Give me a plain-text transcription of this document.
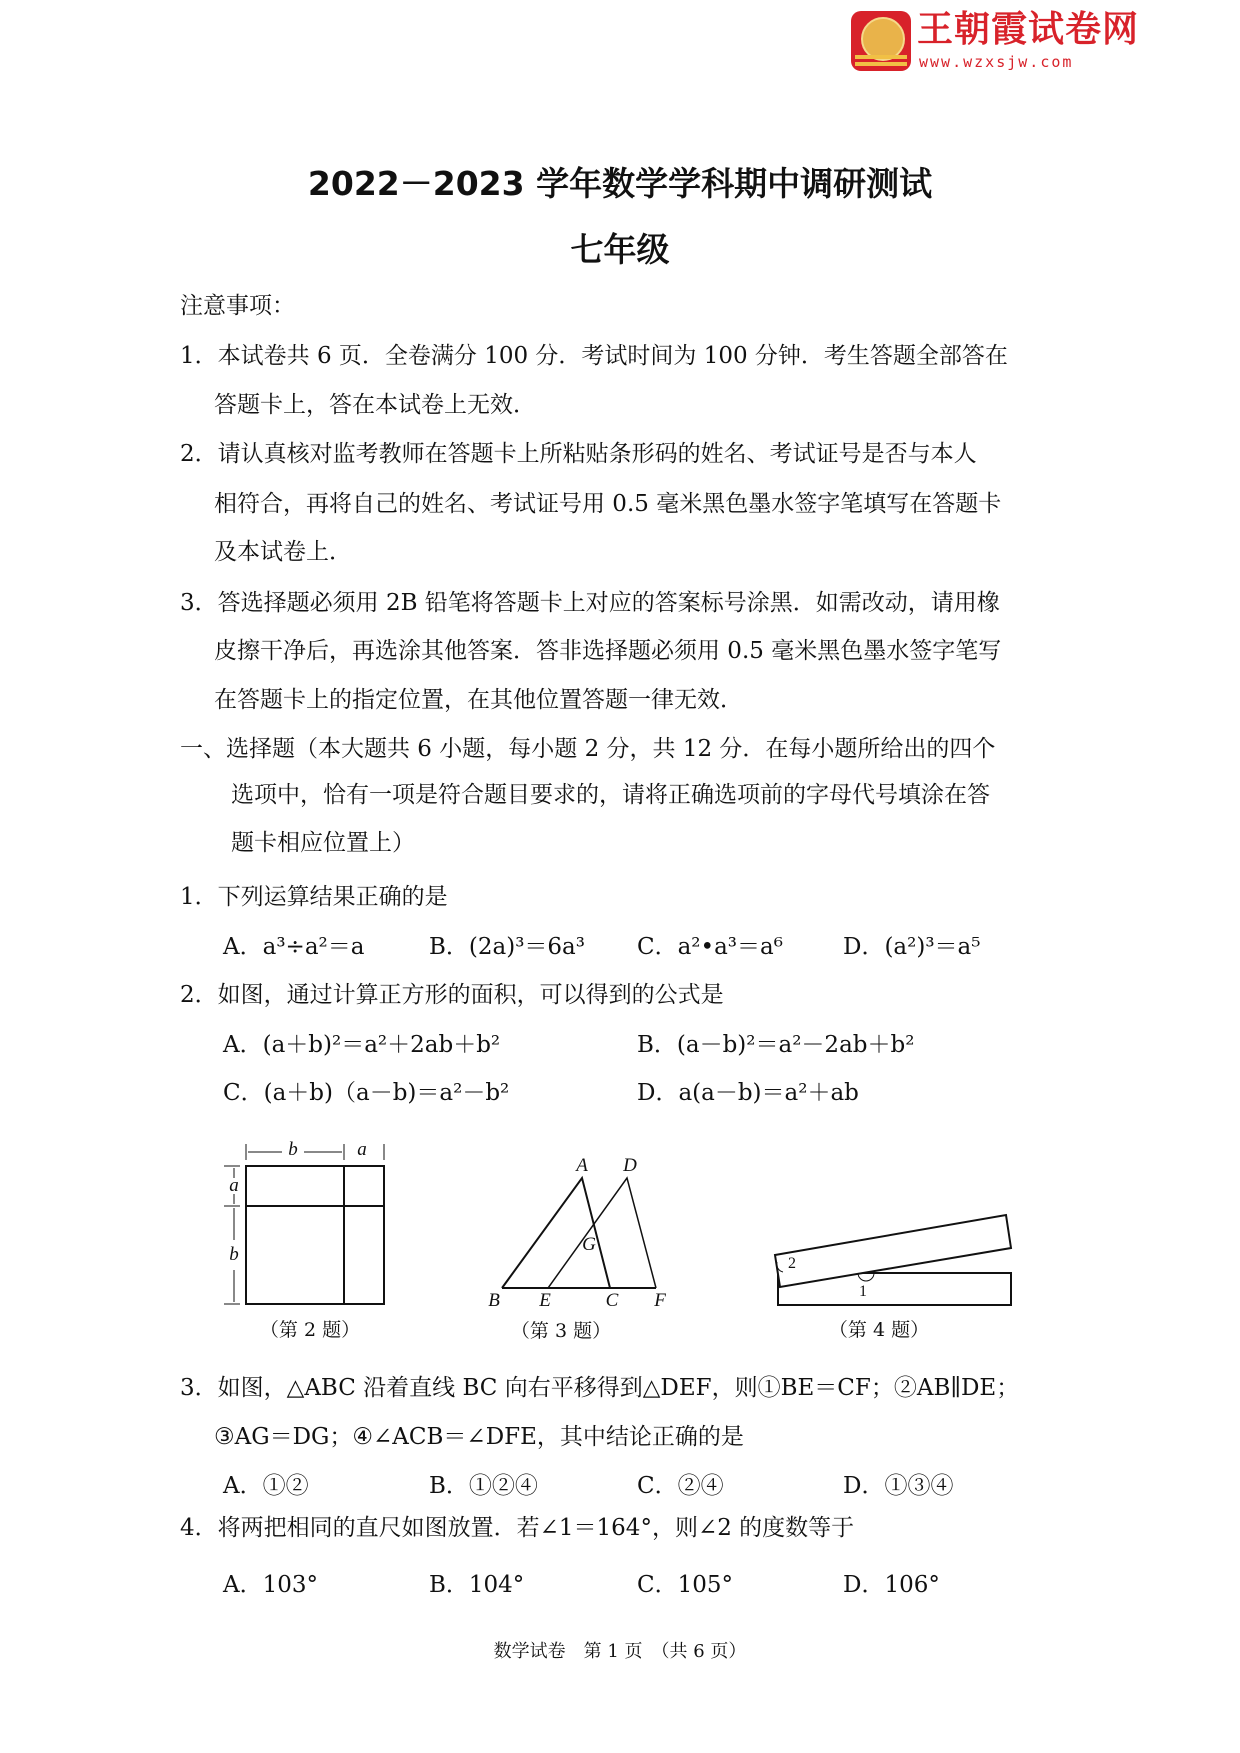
王朝霞试卷网
www.wzxsjw.com
2022－2023 学年数学学科期中调研测试
七年级
注意事项：
1．本试卷共 6 页．全卷满分 100 分．考试时间为 100 分钟．考生答题全部答在
答题卡上，答在本试卷上无效．
2．请认真核对监考教师在答题卡上所粘贴条形码的姓名、考试证号是否与本人
相符合，再将自己的姓名、考试证号用 0.5 毫米黑色墨水签字笔填写在答题卡
及本试卷上．
3．答选择题必须用 2B 铅笔将答题卡上对应的答案标号涂黑．如需改动，请用橡
皮擦干净后，再选涂其他答案．答非选择题必须用 0.5 毫米黑色墨水签字笔写
在答题卡上的指定位置，在其他位置答题一律无效．
一、选择题（本大题共 6 小题，每小题 2 分，共 12 分．在每小题所给出的四个
选项中，恰有一项是符合题目要求的，请将正确选项前的字母代号填涂在答
题卡相应位置上）
1．下列运算结果正确的是
A．a³÷a²＝a	B．(2a)³＝6a³ C．a²•a³＝a⁶	D．(a²)³＝a⁵
2．如图，通过计算正方形的面积，可以得到的公式是
A．(a＋b)²＝a²＋2ab＋b²	B．(a－b)²＝a²－2ab＋b²
C．(a＋b)（a－b)＝a²－b²	D．a(a－b)＝a²＋ab
b	a
a
b
（第 2 题）
A D
G
B E	C F
（第 3 题）
2
1
（第 4 题）
3．如图，△ABC 沿着直线 BC 向右平移得到△DEF，则①BE＝CF；②AB∥DE；
③AG＝DG；④∠ACB＝∠DFE，其中结论正确的是
A．①②	B．①②④	C．②④	D．①③④
4．将两把相同的直尺如图放置．若∠1＝164°，则∠2 的度数等于
A．103°	B．104°	C．105°	D．106°
数学试卷　第 1 页　（共 6 页）
